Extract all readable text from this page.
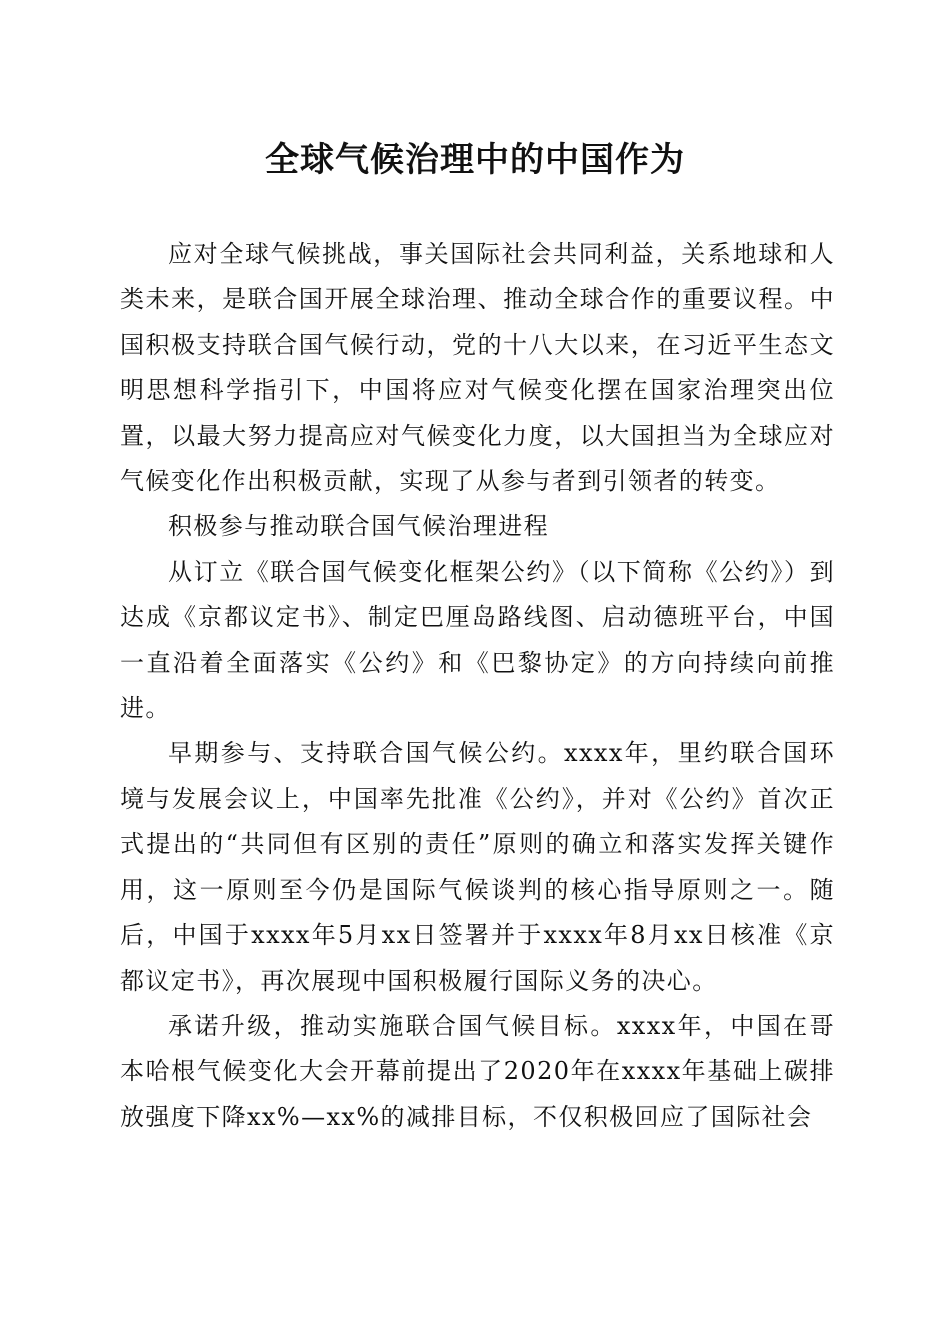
全球气候治理中的中国作为

应对全球气候挑战，事关国际社会共同利益，关系地球和人类未来，是联合国开展全球治理、推动全球合作的重要议程。中国积极支持联合国气候行动，党的十八大以来，在习近平生态文明思想科学指引下，中国将应对气候变化摆在国家治理突出位置，以最大努力提高应对气候变化力度，以大国担当为全球应对气候变化作出积极贡献，实现了从参与者到引领者的转变。

积极参与推动联合国气候治理进程

从订立《联合国气候变化框架公约》（以下简称《公约》）到达成《京都议定书》、制定巴厘岛路线图、启动德班平台，中国一直沿着全面落实《公约》和《巴黎协定》的方向持续向前推进。

早期参与、支持联合国气候公约。xxxx年，里约联合国环境与发展会议上，中国率先批准《公约》，并对《公约》首次正式提出的“共同但有区别的责任”原则的确立和落实发挥关键作用，这一原则至今仍是国际气候谈判的核心指导原则之一。随后，中国于xxxx年5月xx日签署并于xxxx年8月xx日核准《京都议定书》，再次展现中国积极履行国际义务的决心。

承诺升级，推动实施联合国气候目标。xxxx年，中国在哥本哈根气候变化大会开幕前提出了2020年在xxxx年基础上碳排放强度下降xx%—xx%的减排目标，不仅积极回应了国际社会
